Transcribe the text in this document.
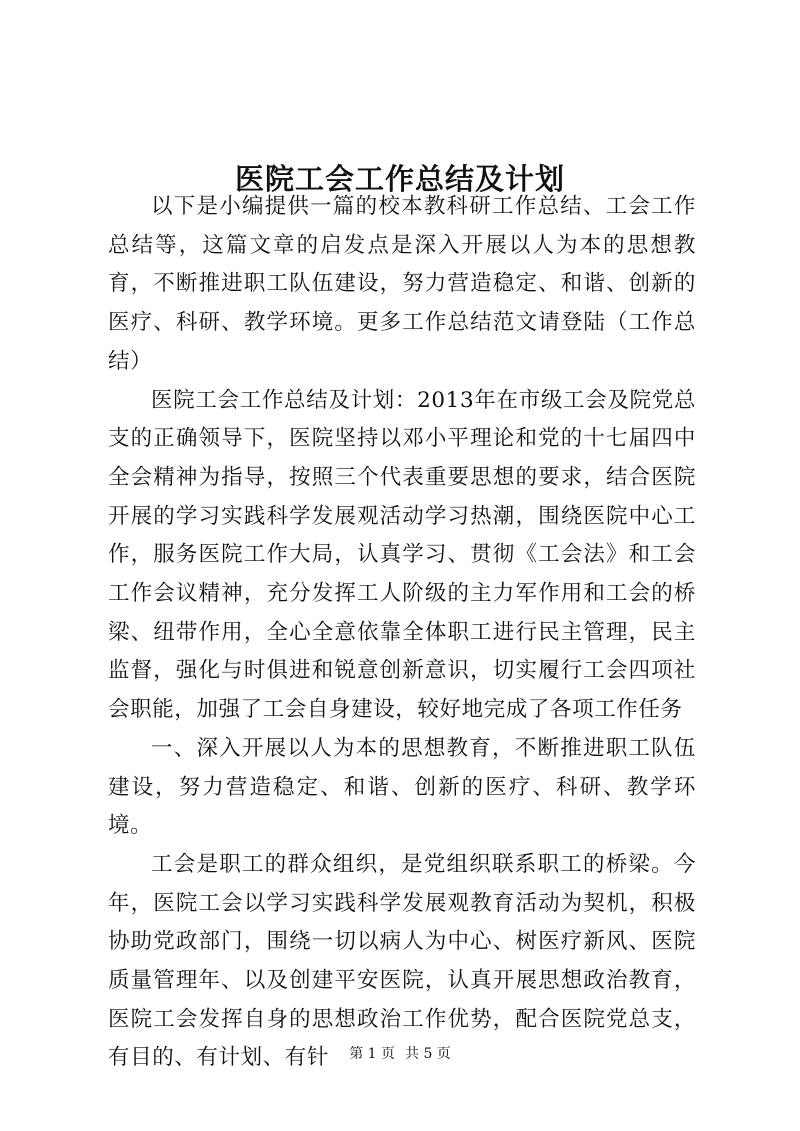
医院工会工作总结及计划

以下是小编提供一篇的校本教科研工作总结、工会工作总结等，这篇文章的启发点是深入开展以人为本的思想教育，不断推进职工队伍建设，努力营造稳定、和谐、创新的医疗、科研、教学环境。更多工作总结范文请登陆（工作总结）

医院工会工作总结及计划：2013年在市级工会及院党总支的正确领导下，医院坚持以邓小平理论和党的十七届四中全会精神为指导，按照三个代表重要思想的要求，结合医院开展的学习实践科学发展观活动学习热潮，围绕医院中心工作，服务医院工作大局，认真学习、贯彻《工会法》和工会工作会议精神，充分发挥工人阶级的主力军作用和工会的桥梁、纽带作用，全心全意依靠全体职工进行民主管理，民主监督，强化与时俱进和锐意创新意识，切实履行工会四项社会职能，加强了工会自身建设，较好地完成了各项工作任务

一、深入开展以人为本的思想教育，不断推进职工队伍建设，努力营造稳定、和谐、创新的医疗、科研、教学环境。

工会是职工的群众组织，是党组织联系职工的桥梁。今年，医院工会以学习实践科学发展观教育活动为契机，积极协助党政部门，围绕一切以病人为中心、树医疗新风、医院质量管理年、以及创建平安医院，认真开展思想政治教育，医院工会发挥自身的思想政治工作优势，配合医院党总支，有目的、有计划、有针	第 1 页 共 5 页
